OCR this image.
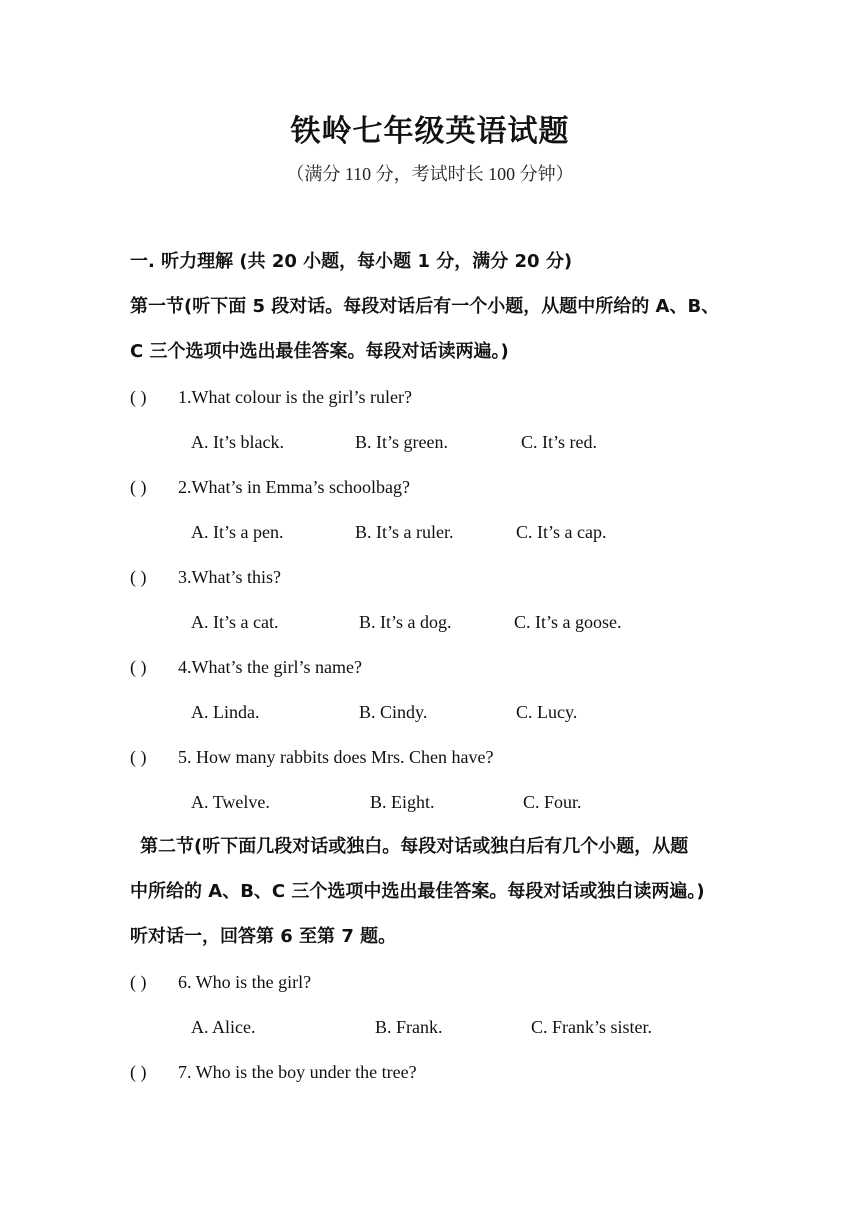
铁岭七年级英语试题
（满分 110 分，考试时长 100 分钟）
一. 听力理解 (共 20 小题，每小题 1 分，满分 20 分)
第一节(听下面 5 段对话。每段对话后有一个小题，从题中所给的 A、B、
C 三个选项中选出最佳答案。每段对话读两遍。)
( ) 1.What colour is the girl’s ruler?
A. It’s black.	B. It’s green.	C. It’s red.
( ) 2.What’s in Emma’s schoolbag?
A. It’s a pen.	B. It’s a ruler.	C. It’s a cap.
( ) 3.What’s this?
A. It’s a cat.	B. It’s a dog.	C. It’s a goose.
( ) 4.What’s the girl’s name?
A. Linda.	B. Cindy.	C. Lucy.
( ) 5. How many rabbits does Mrs. Chen have?
A. Twelve.	B. Eight.	C. Four.
第二节(听下面几段对话或独白。每段对话或独白后有几个小题，从题
中所给的 A、B、C 三个选项中选出最佳答案。每段对话或独白读两遍。)
听对话一，回答第 6 至第 7 题。
( ) 6. Who is the girl?
A. Alice.	B. Frank.	C. Frank’s sister.
( ) 7. Who is the boy under the tree?
